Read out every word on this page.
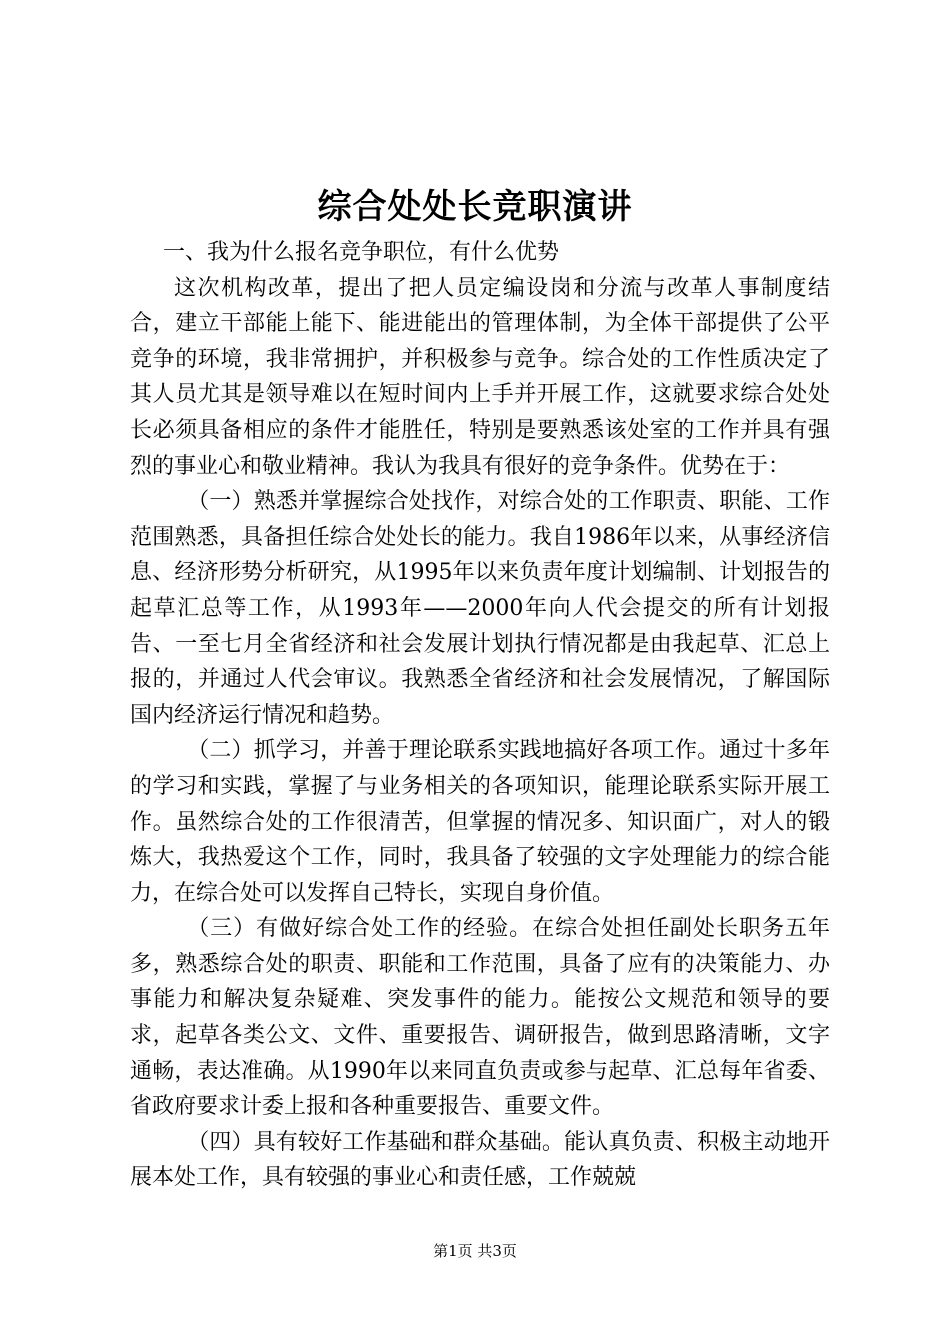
综合处处长竞职演讲

一、我为什么报名竞争职位，有什么优势

这次机构改革，提出了把人员定编设岗和分流与改革人事制度结合，建立干部能上能下、能进能出的管理体制，为全体干部提供了公平竞争的环境，我非常拥护，并积极参与竞争。综合处的工作性质决定了其人员尤其是领导难以在短时间内上手并开展工作，这就要求综合处处长必须具备相应的条件才能胜任，特别是要熟悉该处室的工作并具有强烈的事业心和敬业精神。我认为我具有很好的竞争条件。优势在于：

（一）熟悉并掌握综合处找作，对综合处的工作职责、职能、工作范围熟悉，具备担任综合处处长的能力。我自1986年以来，从事经济信息、经济形势分析研究，从1995年以来负责年度计划编制、计划报告的起草汇总等工作，从1993年——2000年向人代会提交的所有计划报告、一至七月全省经济和社会发展计划执行情况都是由我起草、汇总上报的，并通过人代会审议。我熟悉全省经济和社会发展情况，了解国际国内经济运行情况和趋势。

（二）抓学习，并善于理论联系实践地搞好各项工作。通过十多年的学习和实践，掌握了与业务相关的各项知识，能理论联系实际开展工作。虽然综合处的工作很清苦，但掌握的情况多、知识面广，对人的锻炼大，我热爱这个工作，同时，我具备了较强的文字处理能力的综合能力，在综合处可以发挥自己特长，实现自身价值。

（三）有做好综合处工作的经验。在综合处担任副处长职务五年多，熟悉综合处的职责、职能和工作范围，具备了应有的决策能力、办事能力和解决复杂疑难、突发事件的能力。能按公文规范和领导的要求，起草各类公文、文件、重要报告、调研报告，做到思路清晰，文字通畅，表达准确。从1990年以来同直负责或参与起草、汇总每年省委、省政府要求计委上报和各种重要报告、重要文件。

（四）具有较好工作基础和群众基础。能认真负责、积极主动地开展本处工作，具有较强的事业心和责任感，工作兢兢

第1页 共3页
